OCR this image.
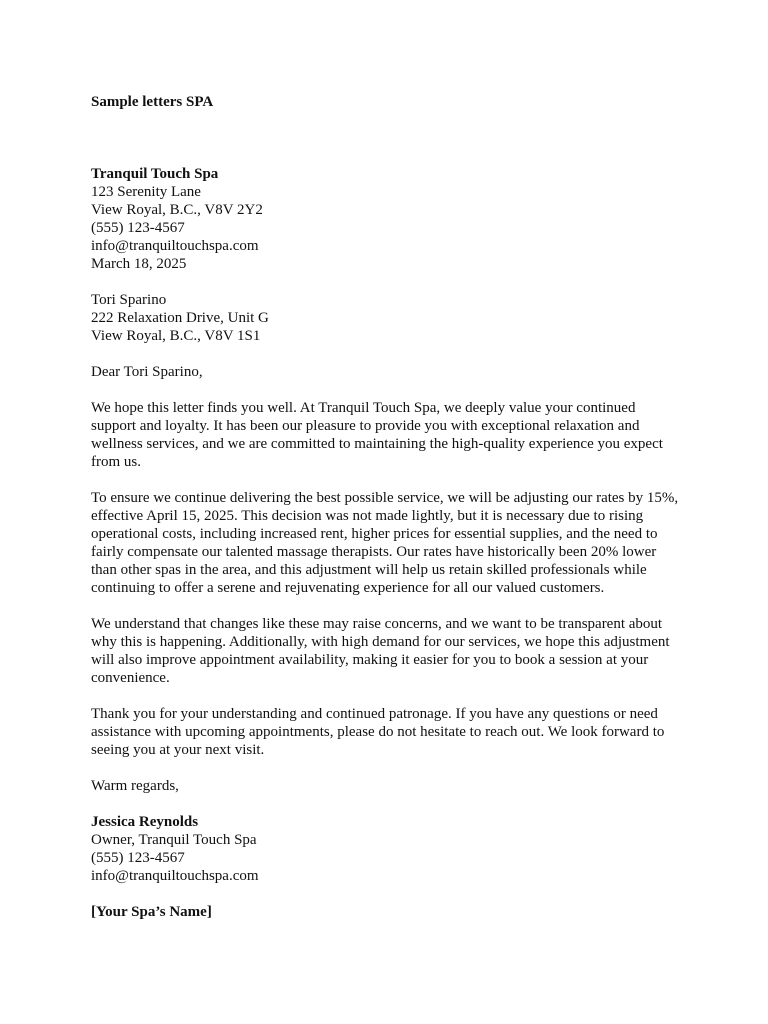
Sample letters SPA

Tranquil Touch Spa
123 Serenity Lane
View Royal, B.C., V8V 2Y2
(555) 123-4567
info@tranquiltouchspa.com
March 18, 2025
Tori Sparino
222 Relaxation Drive, Unit G
View Royal, B.C., V8V 1S1
Dear Tori Sparino,

We hope this letter finds you well. At Tranquil Touch Spa, we deeply value your continued support and loyalty. It has been our pleasure to provide you with exceptional relaxation and wellness services, and we are committed to maintaining the high-quality experience you expect from us.

To ensure we continue delivering the best possible service, we will be adjusting our rates by 15%, effective April 15, 2025. This decision was not made lightly, but it is necessary due to rising operational costs, including increased rent, higher prices for essential supplies, and the need to fairly compensate our talented massage therapists. Our rates have historically been 20% lower than other spas in the area, and this adjustment will help us retain skilled professionals while continuing to offer a serene and rejuvenating experience for all our valued customers.

We understand that changes like these may raise concerns, and we want to be transparent about why this is happening. Additionally, with high demand for our services, we hope this adjustment will also improve appointment availability, making it easier for you to book a session at your convenience.

Thank you for your understanding and continued patronage. If you have any questions or need assistance with upcoming appointments, please do not hesitate to reach out. We look forward to seeing you at your next visit.

Warm regards,
Jessica Reynolds
Owner, Tranquil Touch Spa
(555) 123-4567
info@tranquiltouchspa.com
[Your Spa’s Name]
